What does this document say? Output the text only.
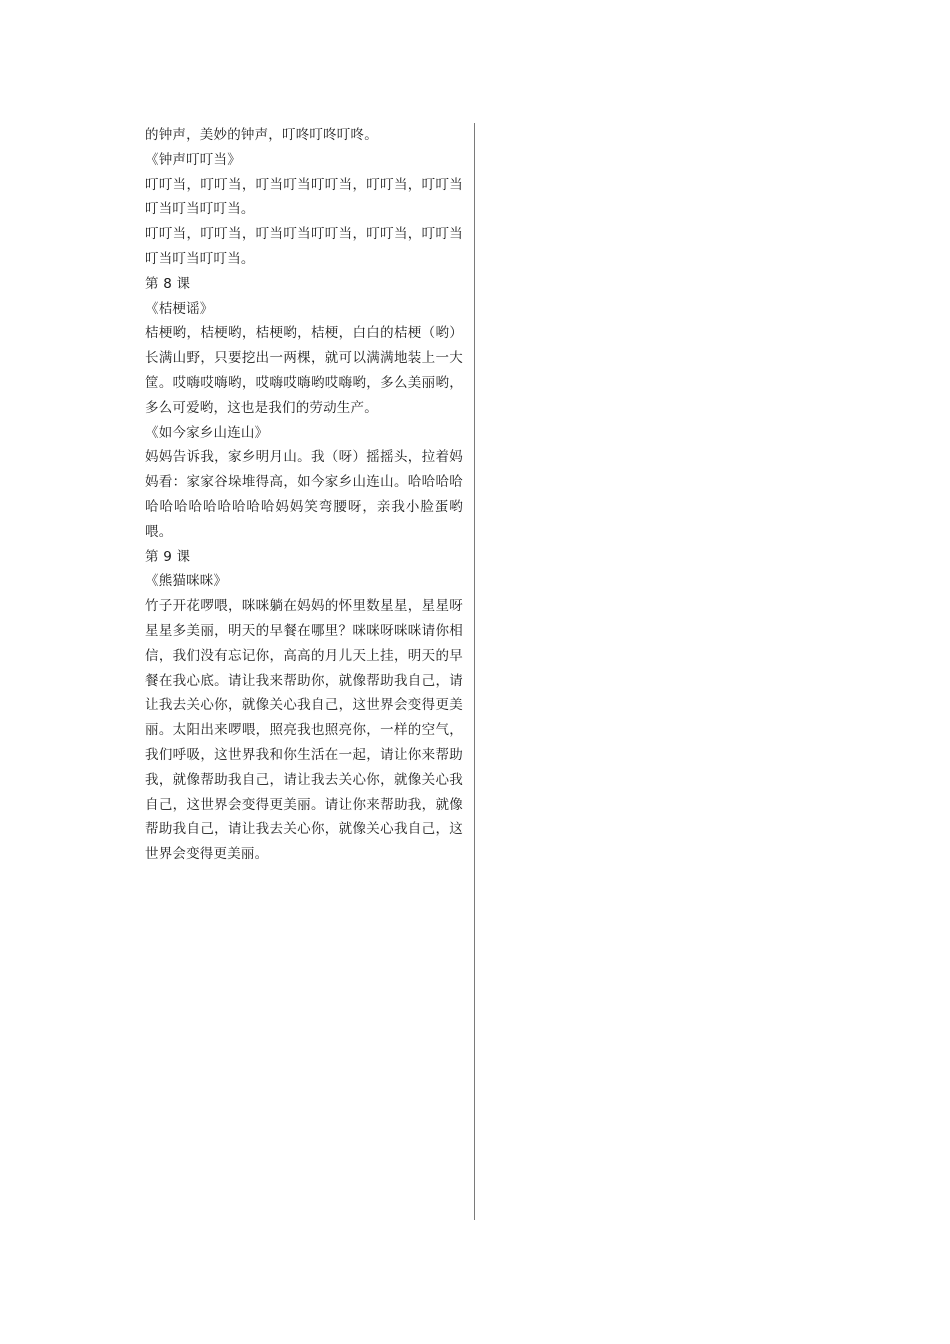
的钟声，美妙的钟声，叮咚叮咚叮咚。

《钟声叮叮当》

叮叮当，叮叮当，叮当叮当叮叮当，叮叮当，叮叮当叮当叮当叮叮当。

叮叮当，叮叮当，叮当叮当叮叮当，叮叮当，叮叮当叮当叮当叮叮当。

第 8 课

《桔梗谣》

桔梗哟，桔梗哟，桔梗哟，桔梗，白白的桔梗（哟）长满山野，只要挖出一两棵，就可以满满地装上一大筐。哎嗨哎嗨哟，哎嗨哎嗨哟哎嗨哟，多么美丽哟，多么可爱哟，这也是我们的劳动生产。

《如今家乡山连山》

妈妈告诉我，家乡明月山。我（呀）摇摇头，拉着妈妈看：家家谷垛堆得高，如今家乡山连山。哈哈哈哈哈哈哈哈哈哈哈哈哈妈妈笑弯腰呀，亲我小脸蛋哟喂。

第 9 课

《熊猫咪咪》

竹子开花啰喂，咪咪躺在妈妈的怀里数星星，星星呀星星多美丽，明天的早餐在哪里？咪咪呀咪咪请你相信，我们没有忘记你，高高的月儿天上挂，明天的早餐在我心底。请让我来帮助你，就像帮助我自己，请让我去关心你，就像关心我自己，这世界会变得更美丽。太阳出来啰喂，照亮我也照亮你，一样的空气，我们呼吸，这世界我和你生活在一起，请让你来帮助我，就像帮助我自己，请让我去关心你，就像关心我自己，这世界会变得更美丽。请让你来帮助我，就像帮助我自己，请让我去关心你，就像关心我自己，这世界会变得更美丽。
